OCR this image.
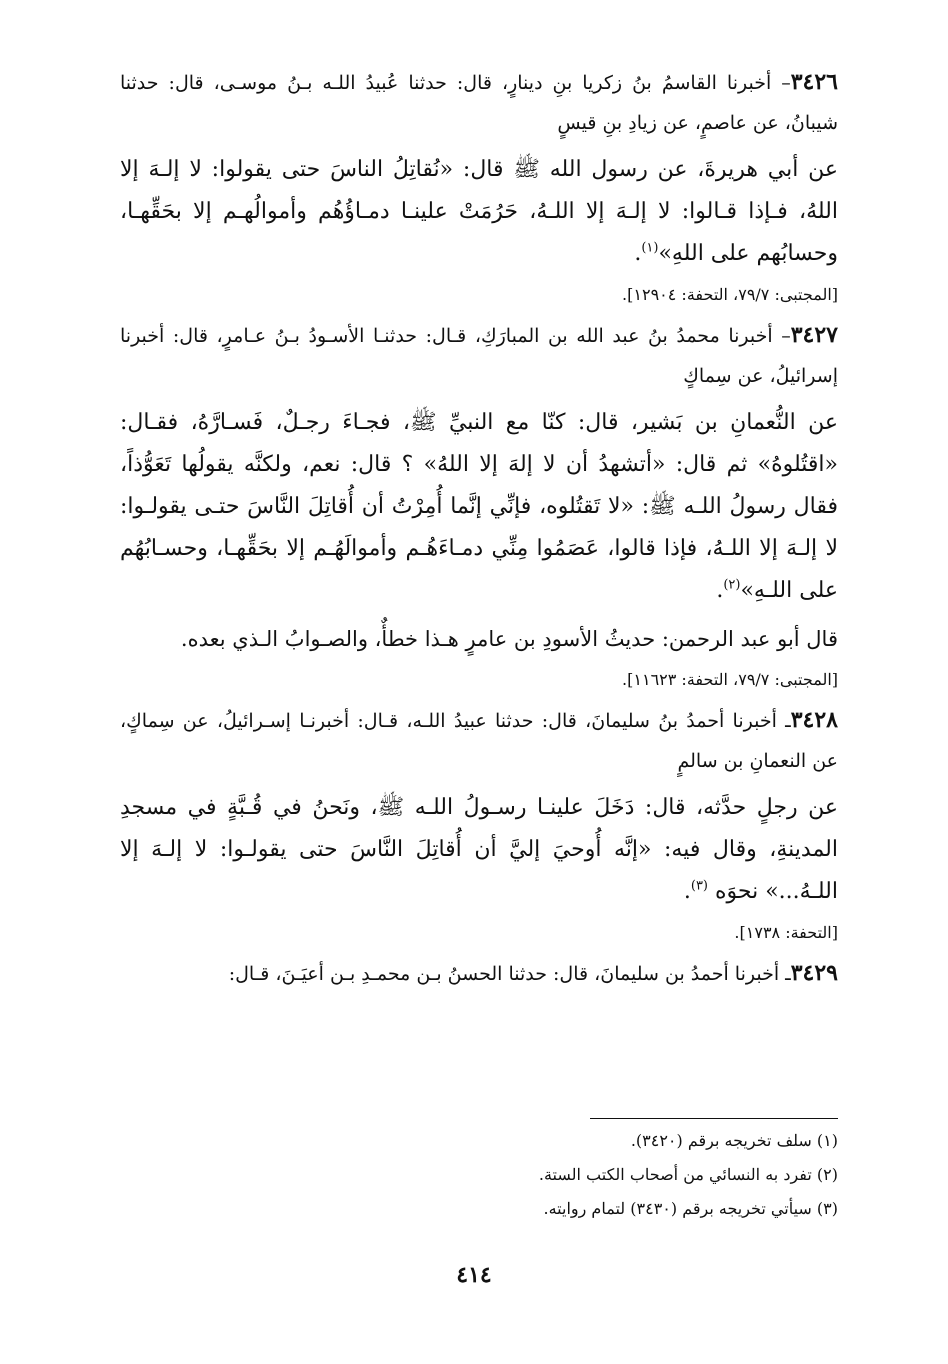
٣٤٢٦– أخبرنا القاسمُ بنُ زكريا بنِ دينارٍ، قال: حدثنا عُبيدُ اللـه بـنُ موسـى، قال: حدثنا شيبانُ، عن عاصمٍ، عن زيادِ بنِ قيسٍ

عن أبي هريرةَ، عن رسول الله ﷺ قال: «نُقاتِلُ الناسَ حتى يقولوا: لا إلـهَ إلا اللهُ، فـإذا قـالوا: لا إلـهَ إلا اللـهُ، حَرُمَتْ علينـا دمـاؤُهُم وأموالُهـم إلا بحَقِّهـا، وحسابُهم على اللهِ»$^{(١)}$.

[المجتبى: ٧٩/٧، التحفة: ١٢٩٠٤].

٣٤٢٧– أخبرنا محمدُ بنُ عبد الله بن المبارَكِ، قـال: حدثنـا الأسـودُ بـنُ عـامرٍ، قال: أخبرنا إسرائيلُ، عن سِماكٍ

عن النُّعمانِ بن بَشير، قال: كنّا مع النبيِّ ﷺ، فجـاءَ رجـلٌ، فَسـارَّهُ، فقـال: «اقتُلوهُ» ثم قال: «أتشهدُ أن لا إلهَ إلا اللهُ» ؟ قال: نعم، ولكنَّه يقولُها تَعَوُّذاً، فقال رسولُ اللـه ﷺ: «لا تَقتُلوه، فإنِّي إنَّما أُمِرْتُ أن أُقاتِلَ النَّاسَ حتـى يقولـوا: لا إلـهَ إلا اللـهُ، فإذا قالوا، عَصَمُوا مِنِّي دمـاءَهُـم وأموالَهُـم إلا بحَقِّهـا، وحسـابُهُم على اللـهِ»$^{(٢)}$.

قال أبو عبد الرحمن: حديثُ الأسودِ بن عامرٍ هـذا خطأٌ، والصـوابُ الـذي بعده.

[المجتبى: ٧٩/٧، التحفة: ١١٦٢٣].

٣٤٢٨ـ أخبرنا أحمدُ بنُ سليمانَ، قال: حدثنا عبيدُ اللـه، قـال: أخبرنـا إسـرائيلُ، عن سِماكٍ، عن النعمانِ بن سالمٍ

عن رجلٍ حدَّثه، قال: دَخَلَ علينـا رسـولُ اللـه ﷺ، ونَحنُ في قُـبَّةٍ في مسجدِ المدينةِ، وقال فيه: «إنَّه أُوحيَ إليَّ أن أُقاتِلَ النَّاسَ حتى يقولـوا: لا إلـهَ إلا اللـهُ...» نحوَه $^{(٣)}$.

[التحفة: ١٧٣٨].

٣٤٢٩ـ أخبرنا أحمدُ بن سليمانَ، قال: حدثنا الحسنُ بـن محمـدِ بـن أعيَـنَ، قـال:

(١) سلف تخريجه برقم (٣٤٢٠).

(٢) تفرد به النسائي من أصحاب الكتب الستة.

(٣) سيأتي تخريجه برقم (٣٤٣٠) لتمام روايته.

٤١٤
